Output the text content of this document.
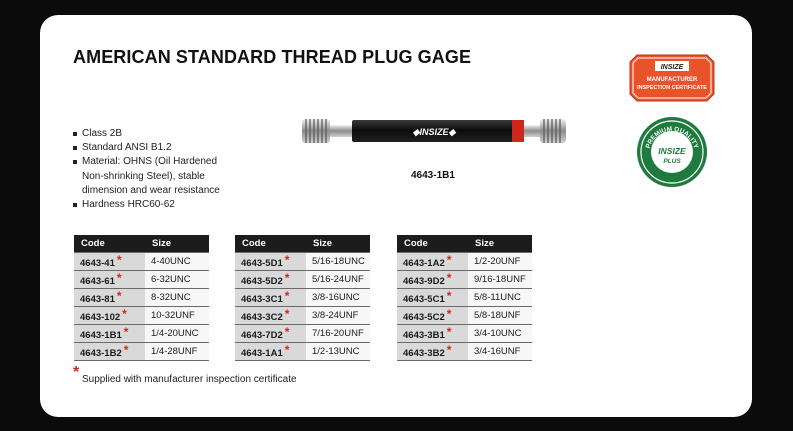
AMERICAN STANDARD THREAD PLUG GAGE
Class 2B
Standard ANSI B1.2
Material: OHNS (Oil Hardened
Non-shrinking Steel), stable
dimension and wear resistance
Hardness HRC60-62
◆INSIZE◆
4643-1B1
INSIZE
MANUFACTURER
INSPECTION CERTIFICATE
PREMIUM QUALITY
INSIZE
PLUS
Code	Size
4643-41 *	4-40UNC
4643-61 *	6-32UNC
4643-81 *	8-32UNC
4643-102 *	10-32UNF
4643-1B1 *	1/4-20UNC
4643-1B2 *	1/4-28UNF
Code	Size
4643-5D1 *	5/16-18UNC
4643-5D2 *	5/16-24UNF
4643-3C1 *	3/8-16UNC
4643-3C2 *	3/8-24UNF
4643-7D2 *	7/16-20UNF
4643-1A1 *	1/2-13UNC
Code	Size
4643-1A2 *	1/2-20UNF
4643-9D2 *	9/16-18UNF
4643-5C1 *	5/8-11UNC
4643-5C2 *	5/8-18UNF
4643-3B1 *	3/4-10UNC
4643-3B2 *	3/4-16UNF
* Supplied with manufacturer inspection certificate
